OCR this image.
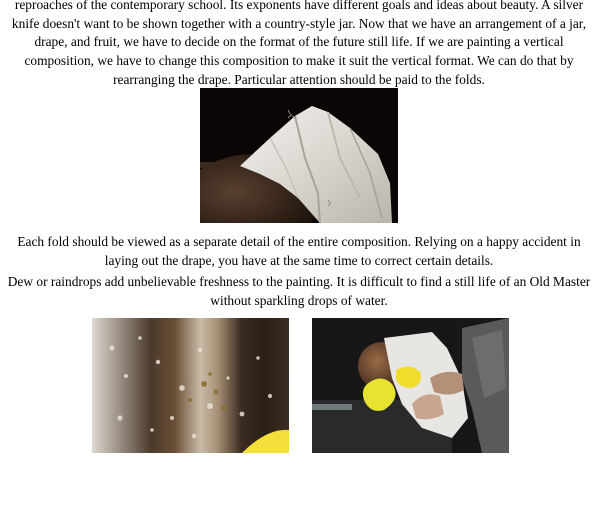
reproaches of the contemporary school. Its exponents have different goals and ideas about beauty. A silver knife doesn't want to be shown together with a country-style jar. Now that we have an arrangement of a jar, drape, and fruit, we have to decide on the format of the future still life. If we are painting a vertical composition, we have to change this composition to make it suit the vertical format. We can do that by rearranging the drape. Particular attention should be paid to the folds.

Each fold should be viewed as a separate detail of the entire composition. Relying on a happy accident in laying out the drape, you have at the same time to correct certain details.

Dew or raindrops add unbelievable freshness to the painting. It is difficult to find a still life of an Old Master without sparkling drops of water.
